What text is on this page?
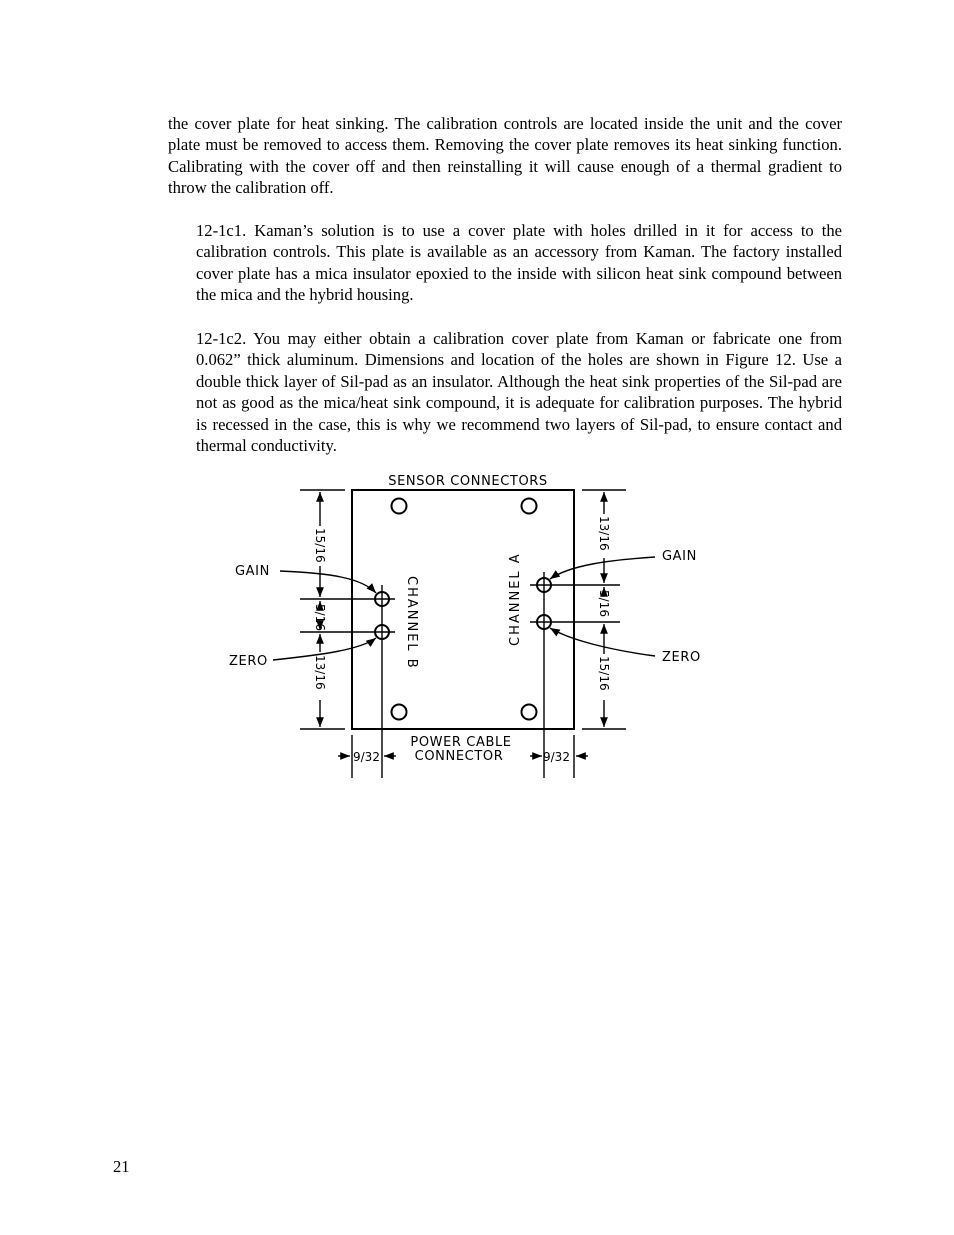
the cover plate for heat sinking. The calibration controls are located inside the unit and the cover plate must be removed to access them. Removing the cover plate removes its heat sinking function. Calibrating with the cover off and then reinstalling it will cause enough of a thermal gradient to throw the calibration off.

12-1c1. Kaman’s solution is to use a cover plate with holes drilled in it for access to the calibration controls. This plate is available as an accessory from Kaman. The factory installed cover plate has a mica insulator epoxied to the inside with silicon heat sink compound between the mica and the hybrid housing.

12-1c2. You may either obtain a calibration cover plate from Kaman or fabricate one from 0.062” thick aluminum. Dimensions and location of the holes are shown in Figure 12. Use a double thick layer of Sil-pad as an insulator. Although the heat sink properties of the Sil-pad are not as good as the mica/heat sink compound, it is adequate for calibration purposes. The hybrid is recessed in the case, this is why we recommend two layers of Sil-pad, to ensure contact and thermal conductivity.

SENSOR CONNECTORS
POWER CABLE
CONNECTOR
GAIN
ZERO
GAIN
ZERO
CHANNEL B	CHANNEL A
15/16
5/16
13/16
13/16
5/16
15/16
9/32	9/32
21
